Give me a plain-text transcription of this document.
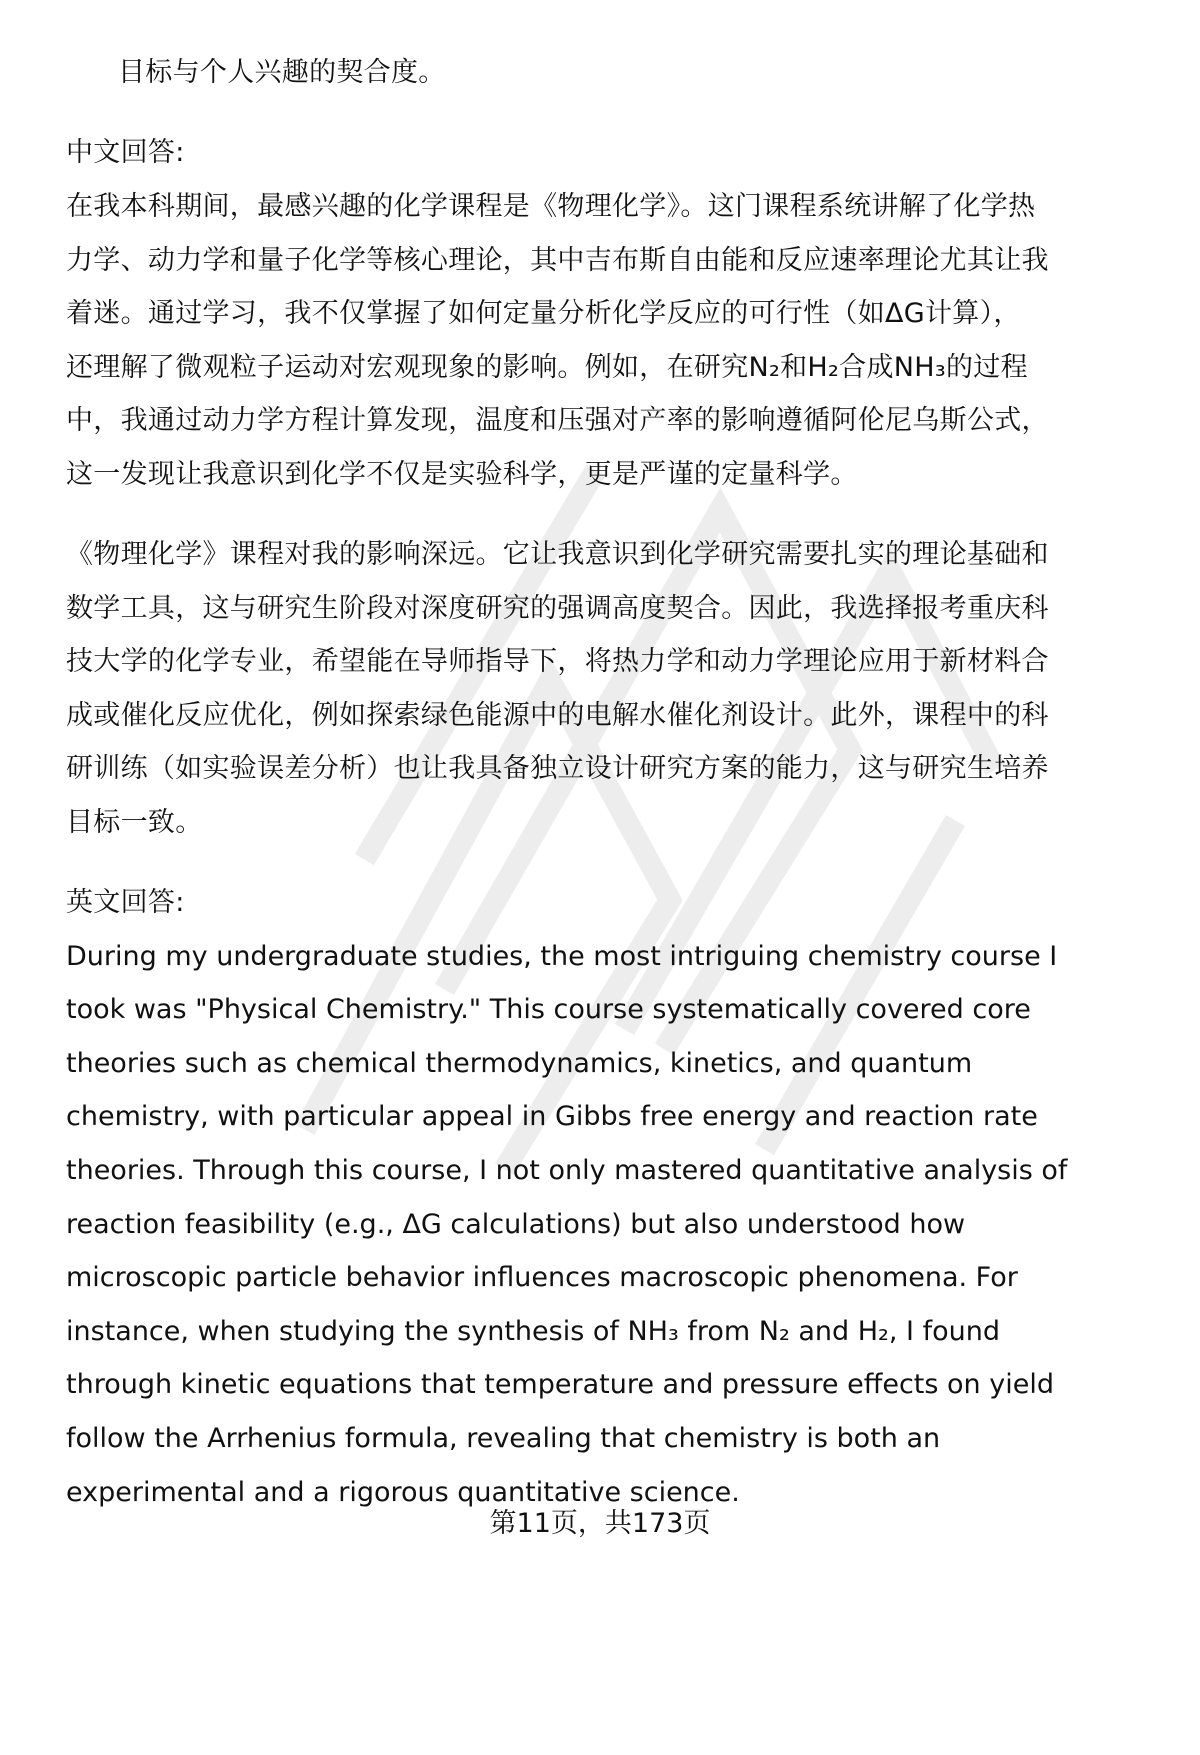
目标与个人兴趣的契合度。
中文回答:
在我本科期间，最感兴趣的化学课程是《物理化学》。这门课程系统讲解了化学热
力学、动力学和量子化学等核心理论，其中吉布斯自由能和反应速率理论尤其让我
着迷。通过学习，我不仅掌握了如何定量分析化学反应的可行性（如ΔG计算），
还理解了微观粒子运动对宏观现象的影响。例如，在研究N₂和H₂合成NH₃的过程
中，我通过动力学方程计算发现，温度和压强对产率的影响遵循阿伦尼乌斯公式，
这一发现让我意识到化学不仅是实验科学，更是严谨的定量科学。
《物理化学》课程对我的影响深远。它让我意识到化学研究需要扎实的理论基础和
数学工具，这与研究生阶段对深度研究的强调高度契合。因此，我选择报考重庆科
技大学的化学专业，希望能在导师指导下，将热力学和动力学理论应用于新材料合
成或催化反应优化，例如探索绿色能源中的电解水催化剂设计。此外，课程中的科
研训练（如实验误差分析）也让我具备独立设计研究方案的能力，这与研究生培养
目标一致。
英文回答:
During my undergraduate studies, the most intriguing chemistry course I
took was "Physical Chemistry." This course systematically covered core
theories such as chemical thermodynamics, kinetics, and quantum
chemistry, with particular appeal in Gibbs free energy and reaction rate
theories. Through this course, I not only mastered quantitative analysis of
reaction feasibility (e.g., ΔG calculations) but also understood how
microscopic particle behavior influences macroscopic phenomena. For
instance, when studying the synthesis of NH₃ from N₂ and H₂, I found
through kinetic equations that temperature and pressure effects on yield
follow the Arrhenius formula, revealing that chemistry is both an
experimental and a rigorous quantitative science.
第11页，共173页
